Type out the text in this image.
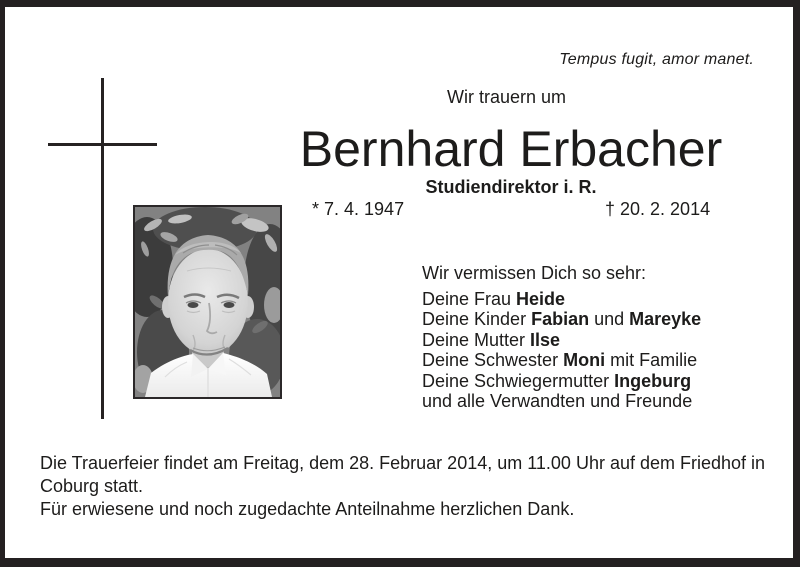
Tempus fugit, amor manet.
Wir trauern um
Bernhard Erbacher
Studiendirektor i. R.
* 7. 4. 1947	† 20. 2. 2014
Wir vermissen Dich so sehr:
Deine Frau Heide
Deine Kinder Fabian und Mareyke
Deine Mutter Ilse
Deine Schwester Moni mit Familie
Deine Schwiegermutter Ingeburg
und alle Verwandten und Freunde
Die Trauerfeier findet am Freitag, dem 28. Februar 2014, um 11.00 Uhr auf dem Friedhof in Coburg statt.
Für erwiesene und noch zugedachte Anteilnahme herzlichen Dank.
